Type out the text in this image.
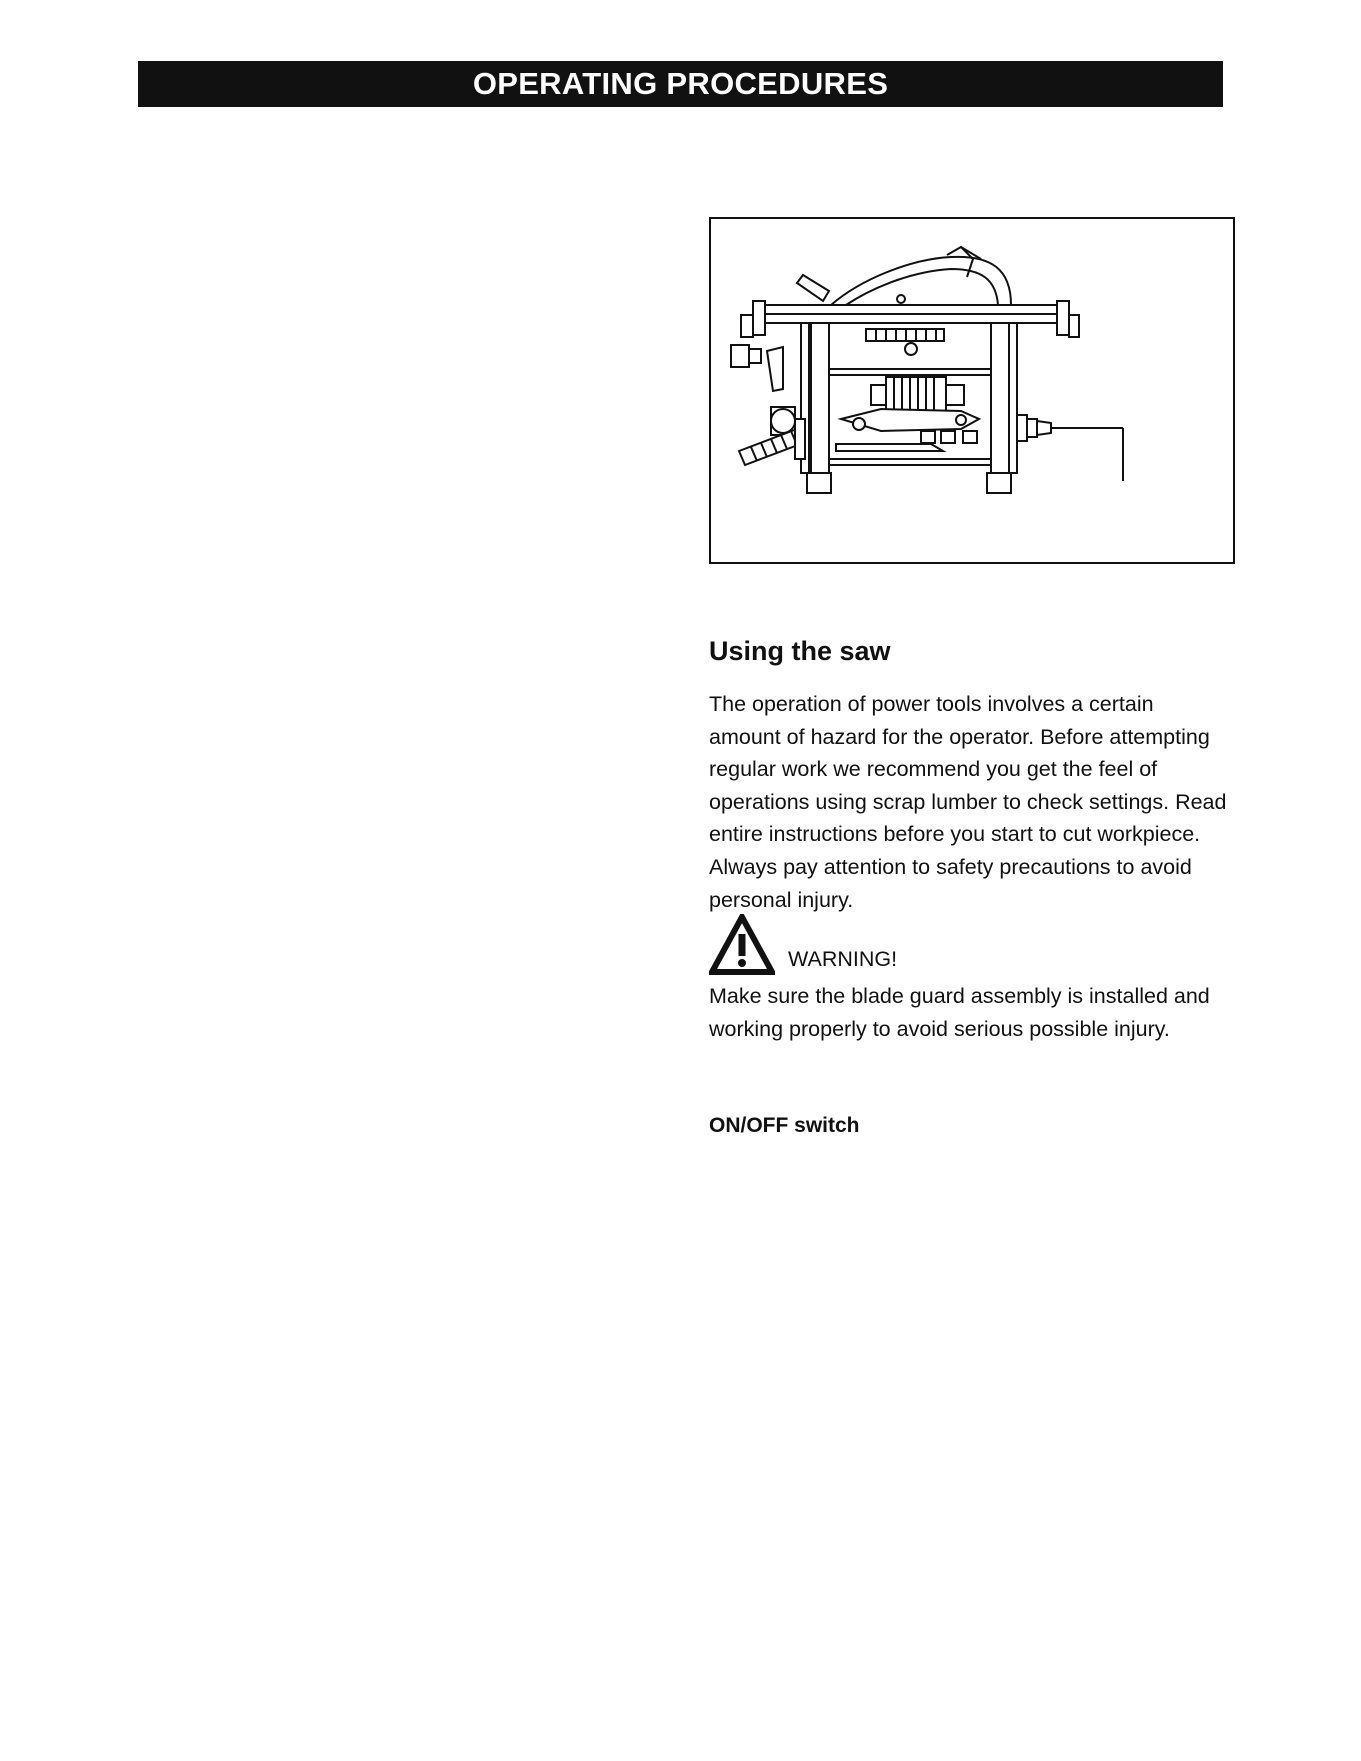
OPERATING PROCEDURES
Using the saw

The operation of power tools involves a certain amount of hazard for the operator. Before attempting regular work we recommend you get the feel of operations using scrap lumber to check settings. Read entire instructions before you start to cut workpiece. Always pay attention to safety precautions to avoid personal injury.

WARNING!

Make sure the blade guard assembly is installed and working properly to avoid serious possible injury.

ON/OFF switch
